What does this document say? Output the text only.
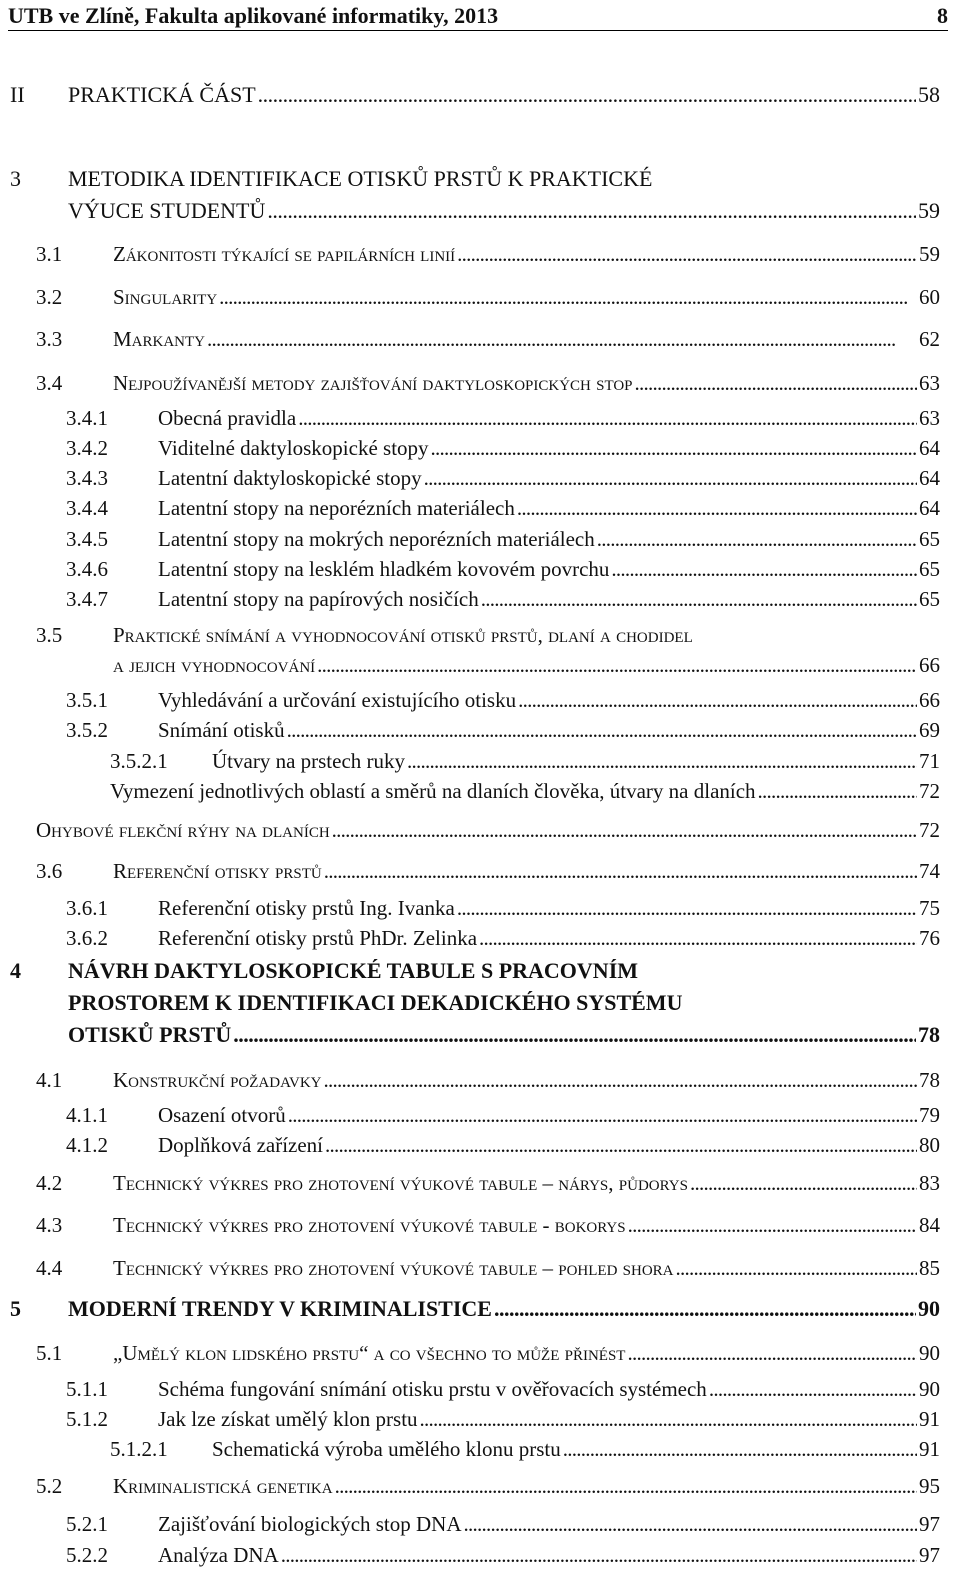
UTB ve Zlíně, Fakulta aplikované informatiky, 2013	8
II PRAKTICKÁ ČÁST . . .	58
3 METODIKA IDENTIFIKACE OTISKŮ PRSTŮ K PRAKTICKÉ
VÝUCE STUDENTŮ . . .	59
3.1 Zákonitosti týkající se papilárních linií . . .	59
3.2 Singularity . . .	60
3.3 Markanty . . .	62
3.4 Nejpoužívanější metody zajišťování daktyloskopických stop . . .	63
3.4.1 Obecná pravidla . . .	63
3.4.2 Viditelné daktyloskopické stopy . . .	64
3.4.3 Latentní daktyloskopické stopy . . .	64
3.4.4 Latentní stopy na neporézních materiálech . . .	64
3.4.5 Latentní stopy na mokrých neporézních materiálech . . .	65
3.4.6 Latentní stopy na lesklém hladkém kovovém povrchu . . .	65
3.4.7 Latentní stopy na papírových nosičích . . .	65
3.5 Praktické snímání a vyhodnocování otisků prstů, dlaní a chodidel
a jejich vyhodnocování . . .	66
3.5.1 Vyhledávání a určování existujícího otisku . . .	66
3.5.2 Snímání otisků . . .	69
3.5.2.1 Útvary na prstech ruky . . .	71
Vymezení jednotlivých oblastí a směrů na dlaních člověka, útvary na dlaních . . .	72
Ohybové flekční rýhy na dlaních . . .	72
3.6 Referenční otisky prstů . . .	74
3.6.1 Referenční otisky prstů Ing. Ivanka . . .	75
3.6.2 Referenční otisky prstů PhDr. Zelinka . . .	76
4 NÁVRH DAKTYLOSKOPICKÉ TABULE S PRACOVNÍM
PROSTOREM K IDENTIFIKACI DEKADICKÉHO SYSTÉMU
OTISKŮ PRSTŮ . . .	78
4.1 Konstrukční požadavky . . .	78
4.1.1 Osazení otvorů . . .	79
4.1.2 Doplňková zařízení . . .	80
4.2 Technický výkres pro zhotovení výukové tabule – nárys, půdorys . . .	83
4.3 Technický výkres pro zhotovení výukové tabule - bokorys . . .	84
4.4 Technický výkres pro zhotovení výukové tabule – pohled shora . . .	85
5 MODERNÍ TRENDY V KRIMINALISTICE . . .	90
5.1 „Umělý klon lidského prstu“ a co všechno to může přinést . . .	90
5.1.1 Schéma fungování snímání otisku prstu v ověřovacích systémech . . .	90
5.1.2 Jak lze získat umělý klon prstu . . .	91
5.1.2.1 Schematická výroba umělého klonu prstu . . .	91
5.2 Kriminalistická genetika . . .	95
5.2.1 Zajišťování biologických stop DNA . . .	97
5.2.2 Analýza DNA . . .	97
